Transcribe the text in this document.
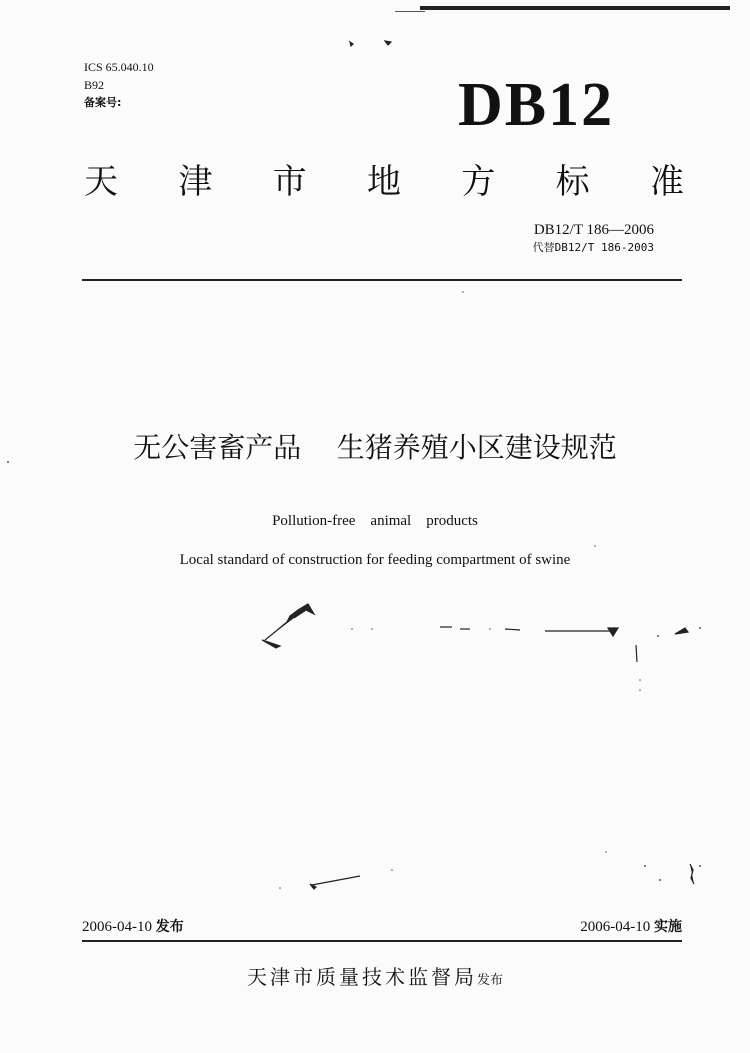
ICS 65.040.10
B92
备案号:	DB12
天 津 市 地 方 标 准
DB12/T 186—2006
代替DB12/T 186-2003
无公害畜产品    生猪养殖小区建设规范
Pollution-free    animal    products
Local standard of construction for feeding compartment of swine
2006-04-10 发布	2006-04-10 实施
天津市质量技术监督局发布
